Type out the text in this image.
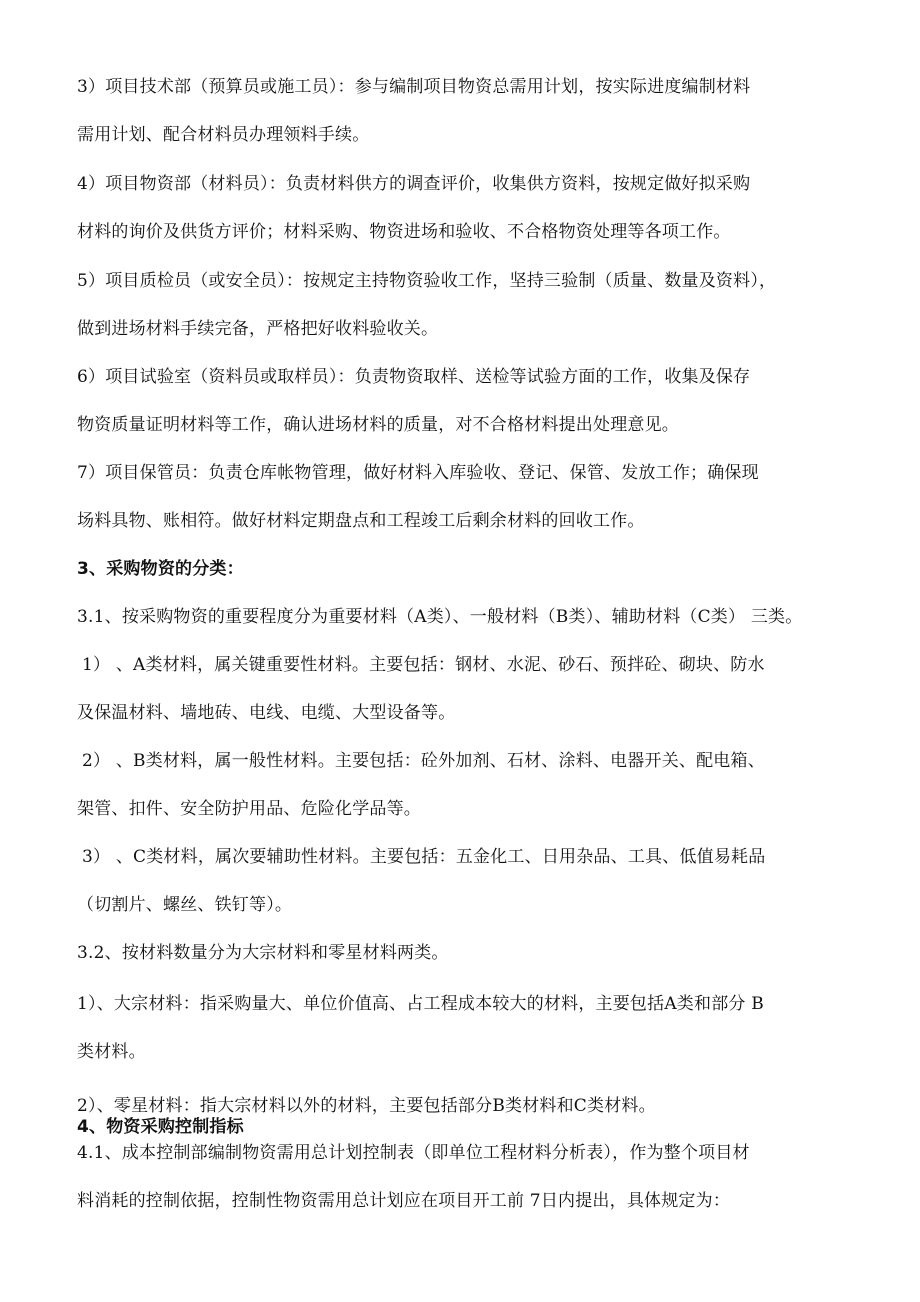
3）项目技术部（预算员或施工员）：参与编制项目物资总需用计划，按实际进度编制材料
需用计划、配合材料员办理领料手续。
4）项目物资部（材料员）：负责材料供方的调查评价，收集供方资料，按规定做好拟采购
材料的询价及供货方评价；材料采购、物资进场和验收、不合格物资处理等各项工作。
5）项目质检员（或安全员）：按规定主持物资验收工作，坚持三验制（质量、数量及资料），
做到进场材料手续完备，严格把好收料验收关。
6）项目试验室（资料员或取样员）：负责物资取样、送检等试验方面的工作，收集及保存
物资质量证明材料等工作，确认进场材料的质量，对不合格材料提出处理意见。
7）项目保管员：负责仓库帐物管理，做好材料入库验收、登记、保管、发放工作；确保现
场料具物、账相符。做好材料定期盘点和工程竣工后剩余材料的回收工作。
3、采购物资的分类：
3.1、按采购物资的重要程度分为重要材料（A类）、一般材料（B类）、辅助材料（C类） 三类。
1） 、A类材料，属关键重要性材料。主要包括：钢材、水泥、砂石、预拌砼、砌块、防水
及保温材料、墙地砖、电线、电缆、大型设备等。
2） 、B类材料，属一般性材料。主要包括：砼外加剂、石材、涂料、电器开关、配电箱、
架管、扣件、安全防护用品、危险化学品等。
3） 、C类材料，属次要辅助性材料。主要包括：五金化工、日用杂品、工具、低值易耗品
（切割片、螺丝、铁钉等）。
3.2、按材料数量分为大宗材料和零星材料两类。
1）、大宗材料：指采购量大、单位价值高、占工程成本较大的材料，主要包括A类和部分 B
类材料。
2）、零星材料：指大宗材料以外的材料，主要包括部分B类材料和C类材料。
4、物资采购控制指标
4.1、成本控制部编制物资需用总计划控制表（即单位工程材料分析表），作为整个项目材
料消耗的控制依据，控制性物资需用总计划应在项目开工前 7日内提出，具体规定为：
